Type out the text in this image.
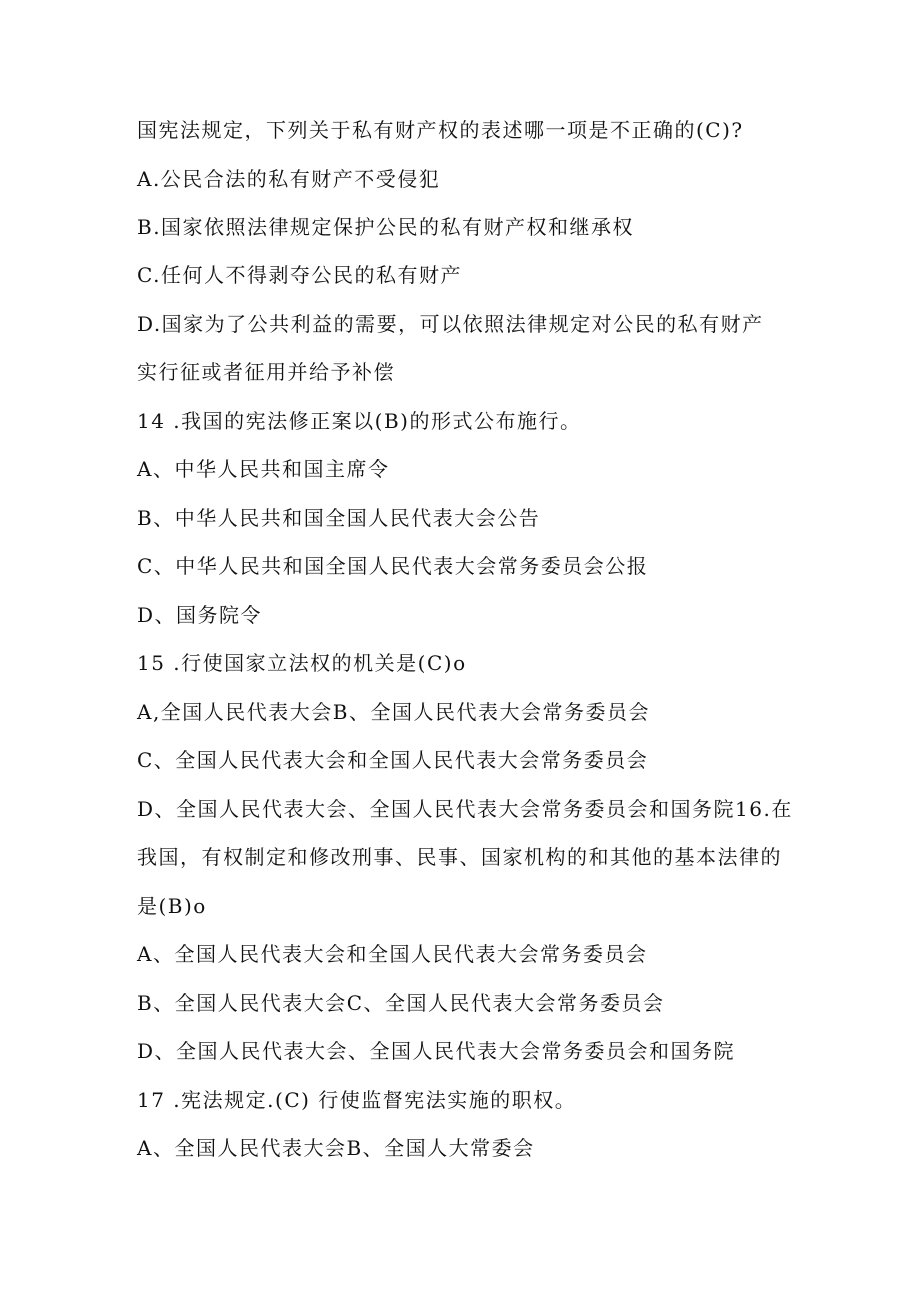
国宪法规定，下列关于私有财产权的表述哪一项是不正确的(C)?
A.公民合法的私有财产不受侵犯
B.国家依照法律规定保护公民的私有财产权和继承权
C.任何人不得剥夺公民的私有财产
D.国家为了公共利益的需要，可以依照法律规定对公民的私有财产
实行征或者征用并给予补偿
14 .我国的宪法修正案以(B)的形式公布施行。
A、中华人民共和国主席令
B、中华人民共和国全国人民代表大会公告
C、中华人民共和国全国人民代表大会常务委员会公报
D、国务院令
15 .行使国家立法权的机关是(C)o
A,全国人民代表大会B、全国人民代表大会常务委员会
C、全国人民代表大会和全国人民代表大会常务委员会
D、全国人民代表大会、全国人民代表大会常务委员会和国务院16.在
我国，有权制定和修改刑事、民事、国家机构的和其他的基本法律的
是(B)o
A、全国人民代表大会和全国人民代表大会常务委员会
B、全国人民代表大会C、全国人民代表大会常务委员会
D、全国人民代表大会、全国人民代表大会常务委员会和国务院
17 .宪法规定.(C) 行使监督宪法实施的职权。
A、全国人民代表大会B、全国人大常委会
